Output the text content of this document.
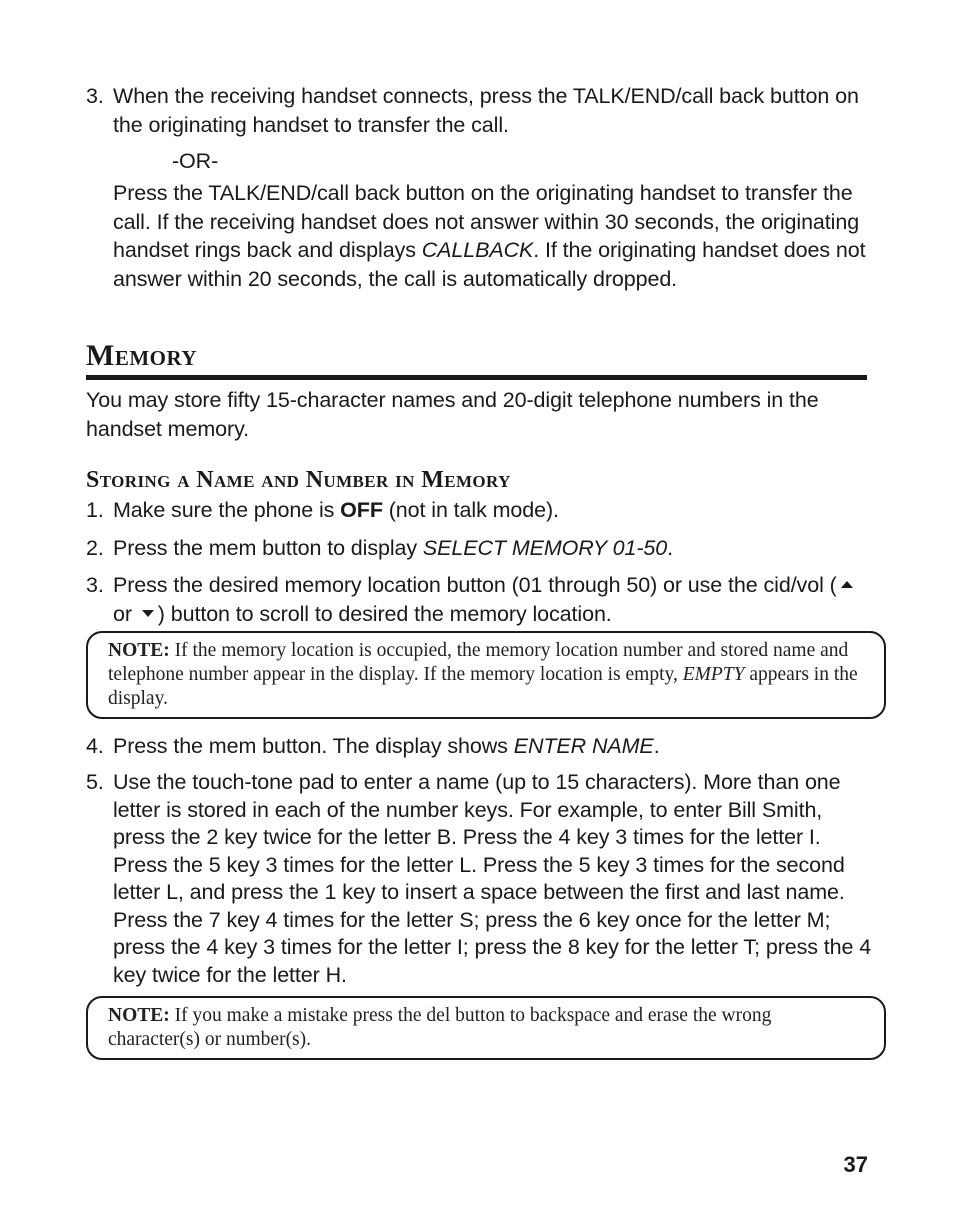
3. When the receiving handset connects, press the TALK/END/call back button on the originating handset to transfer the call.
-OR-
Press the TALK/END/call back button on the originating handset to transfer the call. If the receiving handset does not answer within 30 seconds, the originating handset rings back and displays CALLBACK. If the originating handset does not answer within 20 seconds, the call is automatically dropped.
Memory
You may store fifty 15-character names and 20-digit telephone numbers in the handset memory.
Storing a Name and Number in Memory
1. Make sure the phone is OFF (not in talk mode).
2. Press the mem button to display SELECT MEMORY 01-50.
3. Press the desired memory location button (01 through 50) or use the cid/vol ( or ) button to scroll to desired the memory location.
NOTE: If the memory location is occupied, the memory location number and stored name and telephone number appear in the display. If the memory location is empty, EMPTY appears in the display.
4. Press the mem button. The display shows ENTER NAME.
5. Use the touch-tone pad to enter a name (up to 15 characters). More than one letter is stored in each of the number keys. For example, to enter Bill Smith, press the 2 key twice for the letter B. Press the 4 key 3 times for the letter I. Press the 5 key 3 times for the letter L. Press the 5 key 3 times for the second letter L, and press the 1 key to insert a space between the first and last name. Press the 7 key 4 times for the letter S; press the 6 key once for the letter M; press the 4 key 3 times for the letter I; press the 8 key for the letter T; press the 4 key twice for the letter H.
NOTE: If you make a mistake press the del button to backspace and erase the wrong character(s) or number(s).
37
